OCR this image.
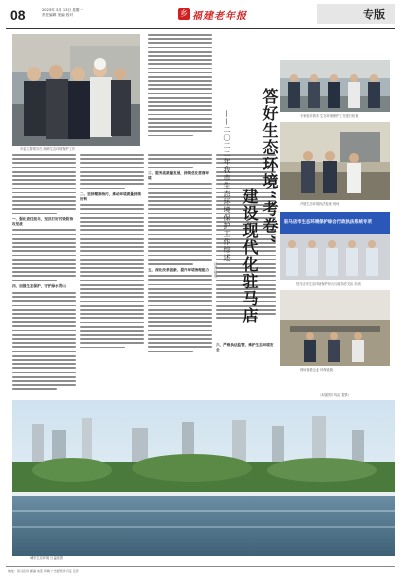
08	2023年 3月 13日 星期一
责任编辑 美编 校对	乡 福建老年报	专版
市委主要领导在 调研生态环境保护工作
一、强化责任担当，坚决打好污染防治攻坚战
四、加强生态保护，守护绿水青山
二、坚持精准治污，推动环境质量持续好转
三、服务高质量发展，持续优化营商环境
五、深化改革创新，提升环境治理能力
答好生态环境“考卷”
建设现代化驻马店
——二〇二二年我市生态环境保护工作综述
记者 报道
专家组对我市 生态环境保护工作进行检查
开展生态环境执法检查 现场
驻马店市生态环境保护综合行政执法系统专项
驻马店市生态环境保护综合行政执法支队 培训
现场查看企业 环保设施
（本版图片均由 提供）
六、严格执法监管，维护生态环境安全
城市生态环境 日益改善
地址：驻马店市 邮编 电话 印刷 广告经营许可证 定价
